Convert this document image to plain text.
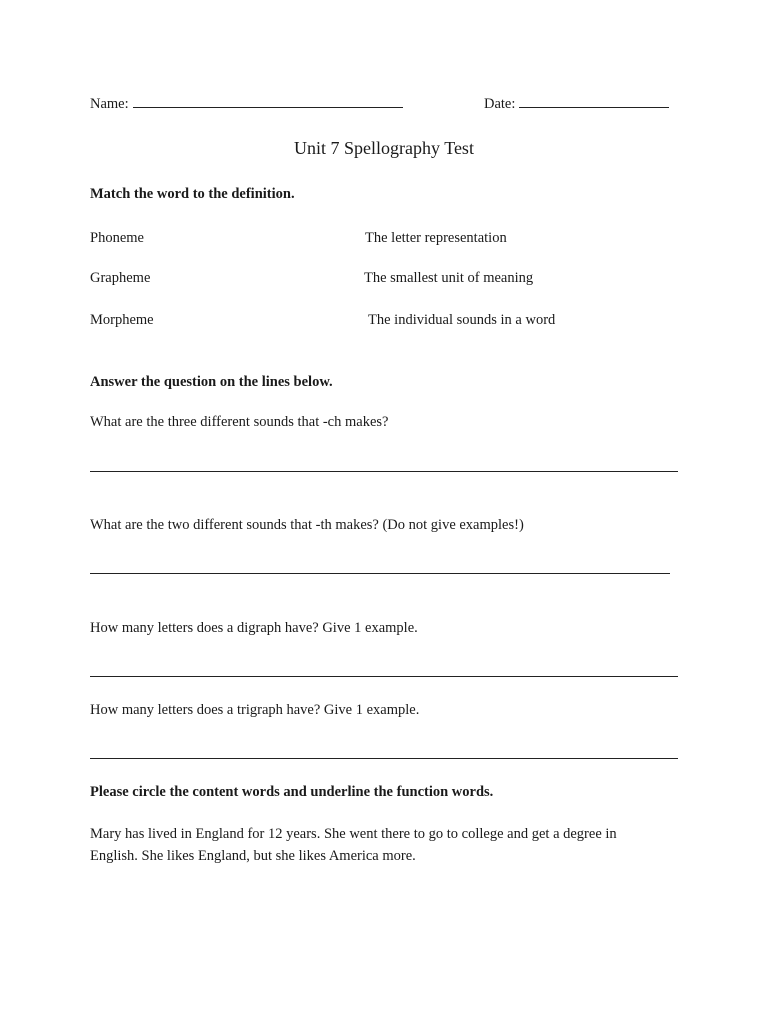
Name:	Date:
Unit 7 Spellography Test
Match the word to the definition.
Phoneme
Grapheme
Morpheme
The letter representation
The smallest unit of meaning
The individual sounds in a word
Answer the question on the lines below.
What are the three different sounds that -ch makes?
What are the two different sounds that -th makes? (Do not give examples!)
How many letters does a digraph have? Give 1 example.
How many letters does a trigraph have? Give 1 example.
Please circle the content words and underline the function words.
Mary has lived in England for 12 years. She went there to go to college and get a degree in English. She likes England, but she likes America more.
